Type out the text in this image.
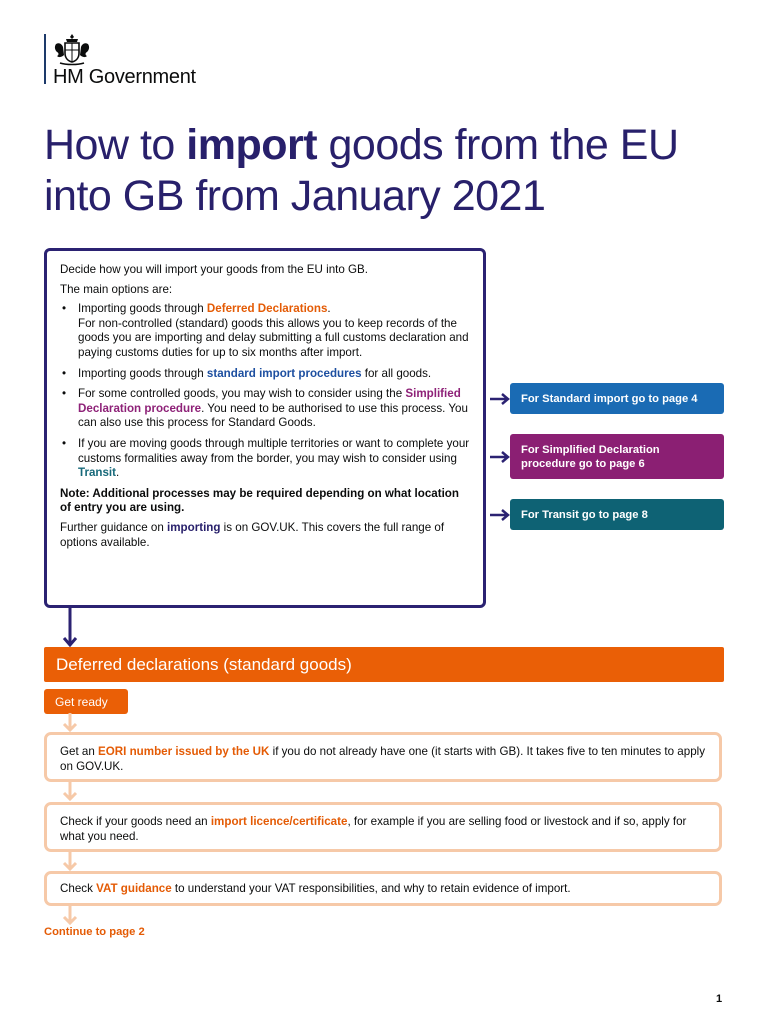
HM Government
How to import goods from the EU into GB from January 2021

Decide how you will import your goods from the EU into GB.

The main options are:

• Importing goods through Deferred Declarations.
For non-controlled (standard) goods this allows you to keep records of the goods you are importing and delay submitting a full customs declaration and paying customs duties for up to six months after import.
• Importing goods through standard import procedures for all goods.
• For some controlled goods, you may wish to consider using the Simplified Declaration procedure. You need to be authorised to use this process. You can also use this process for Standard Goods.
• If you are moving goods through multiple territories or want to complete your customs formalities away from the border, you may wish to consider using Transit.

Note: Additional processes may be required depending on what location of entry you are using.

Further guidance on importing is on GOV.UK. This covers the full range of options available.

For Standard import go to page 4
For Simplified Declaration procedure go to page 6
For Transit go to page 8
Deferred declarations (standard goods)
Get ready
Get an EORI number issued by the UK if you do not already have one (it starts with GB). It takes five to ten minutes to apply on GOV.UK.
Check if your goods need an import licence/certificate, for example if you are selling food or livestock and if so, apply for what you need.
Check VAT guidance to understand your VAT responsibilities, and why to retain evidence of import.
Continue to page 2
1
